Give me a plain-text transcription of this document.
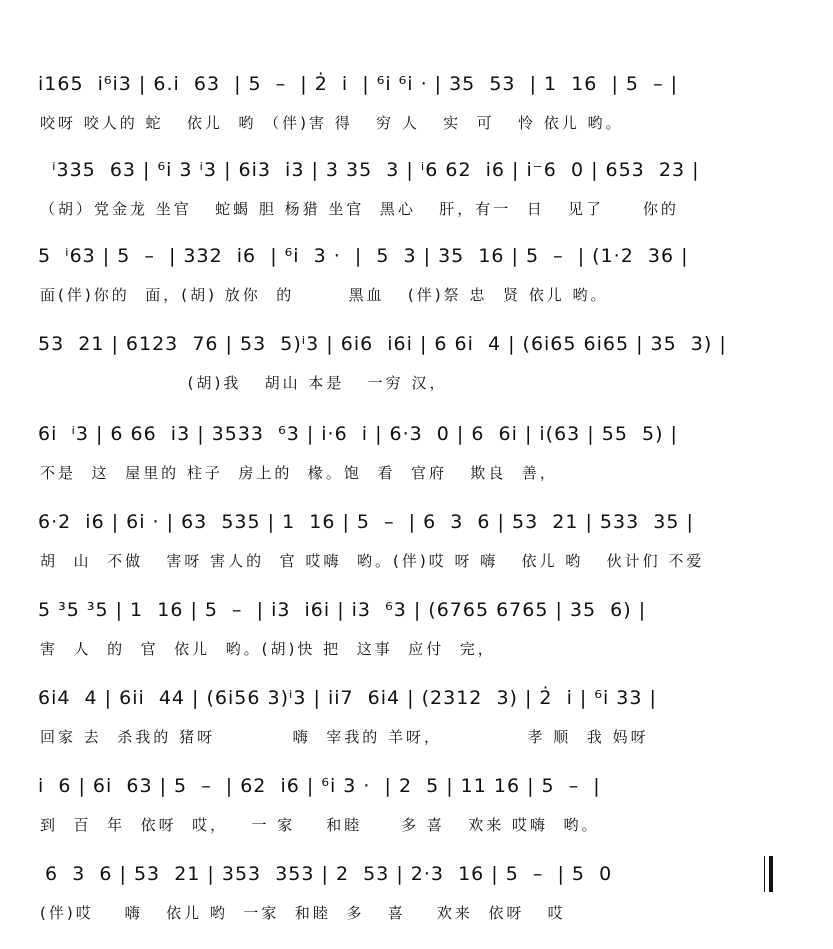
i̇165  i⁶i3 | 6.i  63  | 5  –  | 2̇  i  | ⁶i ⁶i · | 35  53  | 1  16  | 5  – |
咬呀 咬人的 蛇   依儿  哟 （伴)害 得   穷 人   实  可   怜 依儿 哟。
ⁱ335  63 | ⁶i 3 ⁱ3 | 6i3  i3 | 3 35  3 | ⁱ6 62  i6 | i⁻6  0 | 653  23 |
（胡）党金龙 坐官   蛇蝎 胆 杨猎 坐官  黑心   肝，有一  日   见了     你的
5  ⁱ63 | 5  –  | 332  i6  | ⁶i  3 ·  |  5  3 | 35  16 | 5  –  | (1·2  36 |
面(伴)你的  面，(胡) 放你  的       黑血   (伴)祭 忠  贤 依儿 哟。
53  21 | 6123  76 | 53  5)ⁱ3 | 6i6  i6i | 6 6i  4 | (6i65 6i65 | 35  3) |
(胡)我   胡山 本是   一穷 汉，
6i  ⁱ3 | 6 66  i3 | 3533  ⁶3 | i·6  i | 6·3  0 | 6  6i | i(63 | 55  5) |
不是  这  屋里的 柱子  房上的  椽。饱  看  官府   欺良  善，
6·2  i6 | 6i · | 63  535 | 1  16 | 5  –  | 6  3  6 | 53  21 | 533  35 |
胡  山  不做   害呀 害人的  官 哎嗨  哟。(伴)哎 呀 嗨   依儿 哟   伙计们 不爱
5 ³5 ³5 | 1  16 | 5  –  | i3  i6i | i3  ⁶3 | (6765 6765 | 35  6) |
害  人  的  官  依儿  哟。(胡)快 把  这事  应付  完，
6i4  4 | 6ii  44 | (6i56 3)ⁱ3 | ii7  6i4 | (2312  3) | 2̇  i | ⁶i 33 |
回家 去  杀我的 猪呀          嗨  宰我的 羊呀，           孝 顺  我 妈呀
i  6 | 6i  63 | 5  –  | 62  i6 | ⁶i 3 ·  | 2  5 | 11 16 | 5  –  |
到  百  年  依呀  哎，   一 家    和睦     多 喜   欢来 哎嗨  哟。
6  3  6 | 53  21 | 353  353 | 2  53 | 2·3  16 | 5  –  | 5  0
(伴)哎    嗨   依儿 哟  一家  和睦  多   喜    欢来  依呀   哎
